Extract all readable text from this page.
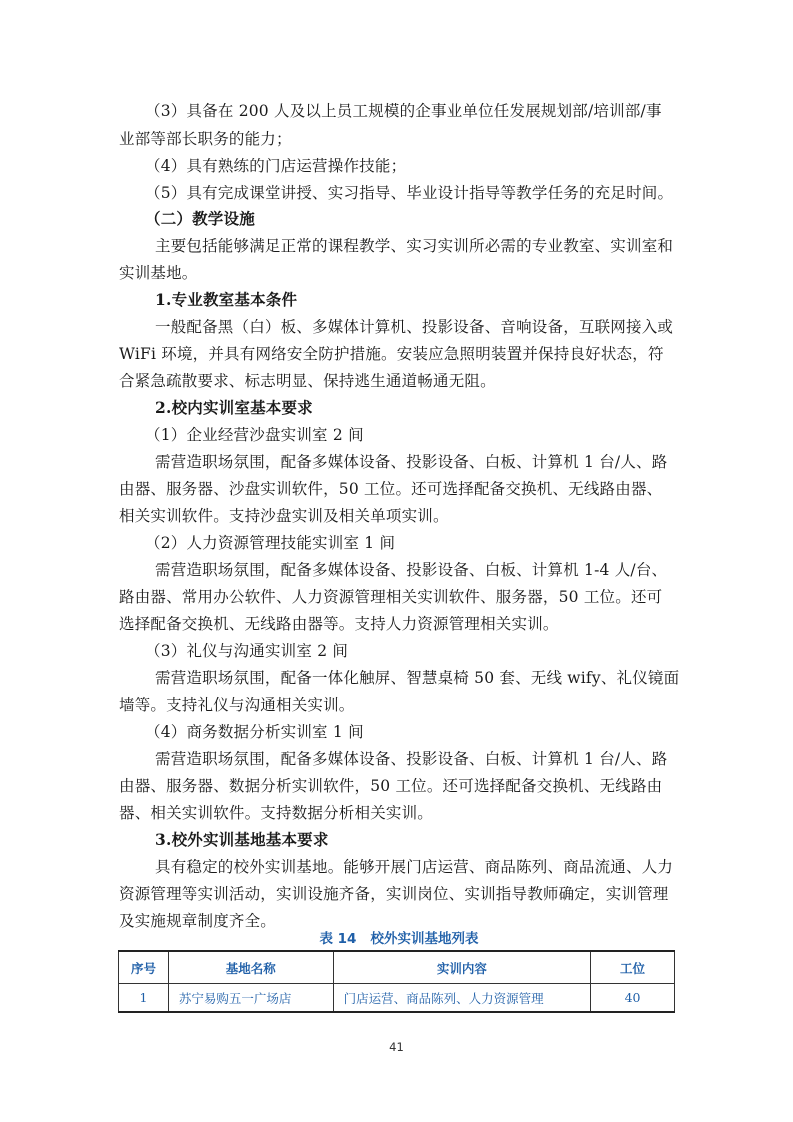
（3）具备在 200 人及以上员工规模的企事业单位任发展规划部/培训部/事
业部等部长职务的能力；
（4）具有熟练的门店运营操作技能；
（5）具有完成课堂讲授、实习指导、毕业设计指导等教学任务的充足时间。
（二）教学设施
主要包括能够满足正常的课程教学、实习实训所必需的专业教室、实训室和
实训基地。
1.专业教室基本条件
一般配备黑（白）板、多媒体计算机、投影设备、音响设备，互联网接入或
WiFi 环境，并具有网络安全防护措施。安装应急照明装置并保持良好状态，符
合紧急疏散要求、标志明显、保持逃生通道畅通无阻。
2.校内实训室基本要求
（1）企业经营沙盘实训室 2 间
需营造职场氛围，配备多媒体设备、投影设备、白板、计算机 1 台/人、路
由器、服务器、沙盘实训软件，50 工位。还可选择配备交换机、无线路由器、
相关实训软件。支持沙盘实训及相关单项实训。
（2）人力资源管理技能实训室 1 间
需营造职场氛围，配备多媒体设备、投影设备、白板、计算机 1-4 人/台、
路由器、常用办公软件、人力资源管理相关实训软件、服务器，50 工位。还可
选择配备交换机、无线路由器等。支持人力资源管理相关实训。
（3）礼仪与沟通实训室 2 间
需营造职场氛围，配备一体化触屏、智慧桌椅 50 套、无线 wify、礼仪镜面
墙等。支持礼仪与沟通相关实训。
（4）商务数据分析实训室 1 间
需营造职场氛围，配备多媒体设备、投影设备、白板、计算机 1 台/人、路
由器、服务器、数据分析实训软件，50 工位。还可选择配备交换机、无线路由
器、相关实训软件。支持数据分析相关实训。
3.校外实训基地基本要求
具有稳定的校外实训基地。能够开展门店运营、商品陈列、商品流通、人力
资源管理等实训活动，实训设施齐备，实训岗位、实训指导教师确定，实训管理
及实施规章制度齐全。
表 14   校外实训基地列表
序号	基地名称	实训内容	工位
1	苏宁易购五一广场店	门店运营、商品陈列、人力资源管理	40
41
